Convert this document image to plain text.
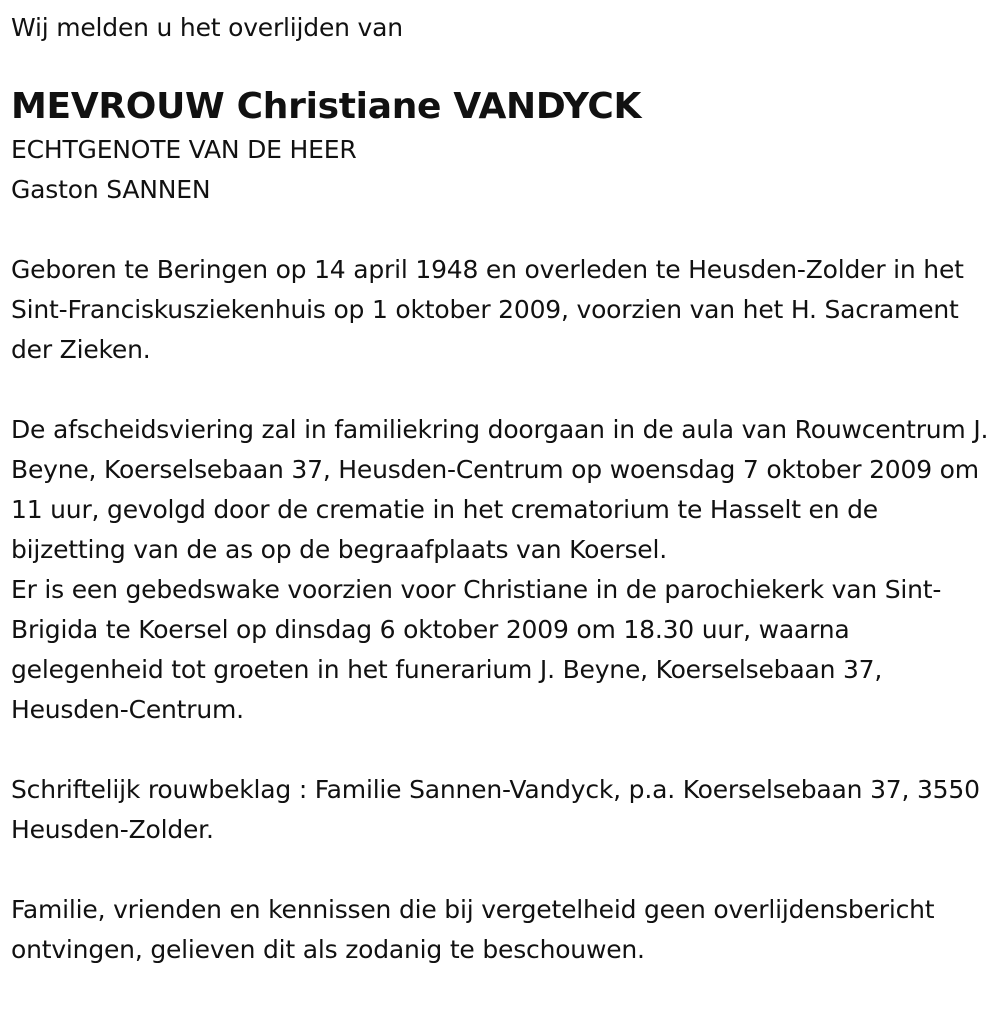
Wij melden u het overlijden van

MEVROUW Christiane VANDYCK

ECHTGENOTE VAN DE HEER

Gaston SANNEN

Geboren te Beringen op 14 april 1948 en overleden te Heusden-Zolder in het Sint-Franciskusziekenhuis op 1 oktober 2009, voorzien van het H. Sacrament der Zieken.

De afscheidsviering zal in familiekring doorgaan in de aula van Rouwcentrum J. Beyne, Koerselsebaan 37, Heusden-Centrum op woensdag 7 oktober 2009 om 11 uur, gevolgd door de crematie in het crematorium te Hasselt en de bijzetting van de as op de begraafplaats van Koersel.

Er is een gebedswake voorzien voor Christiane in de parochiekerk van Sint-Brigida te Koersel op dinsdag 6 oktober 2009 om 18.30 uur, waarna gelegenheid tot groeten in het funerarium J. Beyne, Koerselsebaan 37, Heusden-Centrum.

Schriftelijk rouwbeklag : Familie Sannen-Vandyck, p.a. Koerselsebaan 37, 3550 Heusden-Zolder.

Familie, vrienden en kennissen die bij vergetelheid geen overlijdensbericht ontvingen, gelieven dit als zodanig te beschouwen.
